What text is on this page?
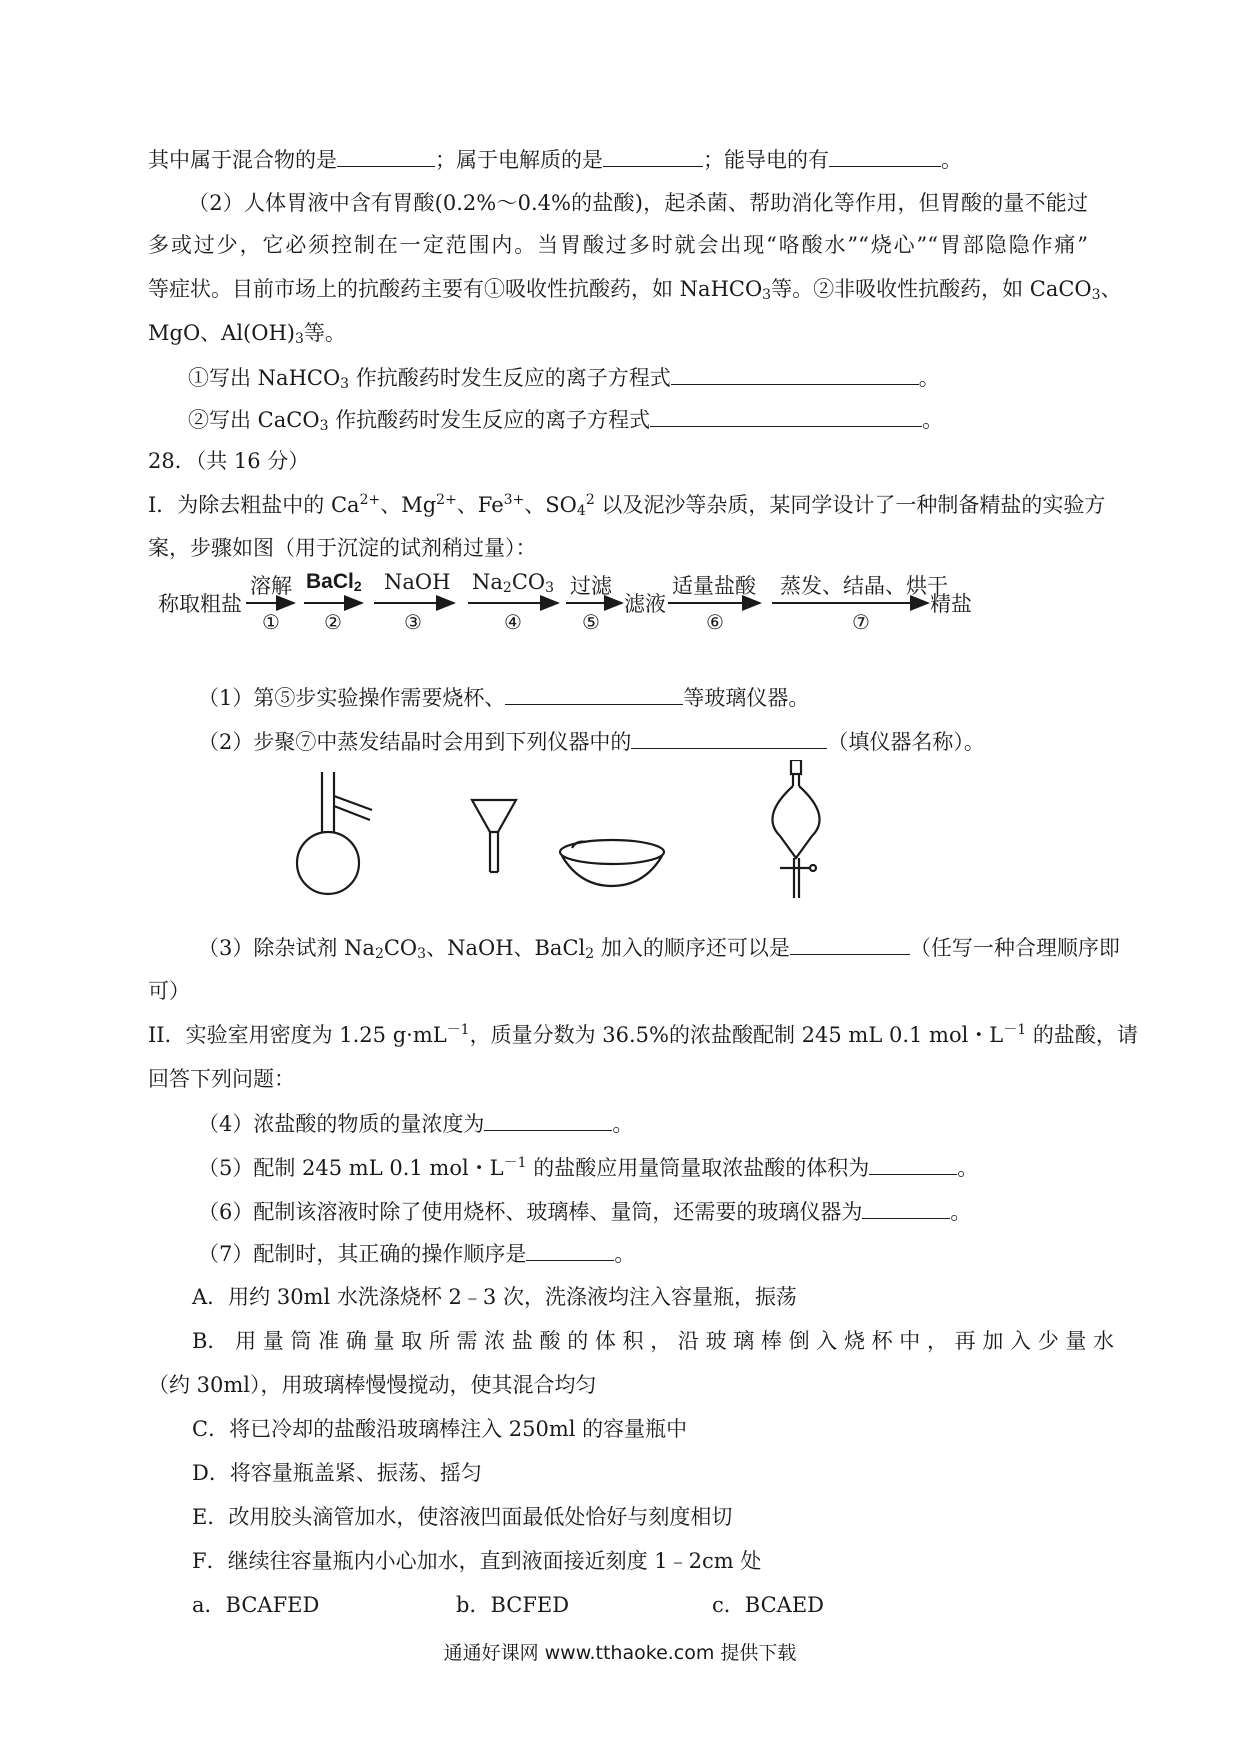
其中属于混合物的是	；属于电解质的是	；能导电的有	。
（2）人体胃液中含有胃酸(0.2%～0.4%的盐酸)，起杀菌、帮助消化等作用，但胃酸的量不能过
多或过少，它必须控制在一定范围内。当胃酸过多时就会出现“咯酸水”“烧心”“胃部隐隐作痛”
等症状。目前市场上的抗酸药主要有①吸收性抗酸药，如 NaHCO$_3$等。②非吸收性抗酸药，如 CaCO$_3$、
MgO、$Al(OH)_3$等。
①写出 NaHCO$_3$ 作抗酸药时发生反应的离子方程式	。
②写出 CaCO$_3$ 作抗酸药时发生反应的离子方程式	。
28．（共 16 分）
I．为除去粗盐中的 $Ca^{2+}$、$Mg^{2+}$、$Fe^{3+}$、$SO_4^2$ 以及泥沙等杂质，某同学设计了一种制备精盐的实验方
案，步骤如图（用于沉淀的试剂稍过量）：
称取粗盐
溶解
①
BaCl$_2$
②
NaOH
③
$Na_2CO_3$
④
过滤
⑤
滤液
适量盐酸
⑥
蒸发、结晶、烘干
⑦
精盐
（1）第⑤步实验操作需要烧杯、	等玻璃仪器。
（2）步聚⑦中蒸发结晶时会用到下列仪器中的	（填仪器名称）。
（3）除杂试剂 $Na_2CO_3$、NaOH、BaCl$_2$ 加入的顺序还可以是	（任写一种合理顺序即
可）
II．实验室用密度为 1.25 $g\cdot mL^{-1}$，质量分数为 36.5%的浓盐酸配制 245 mL 0.1 mol・$L^{-1}$ 的盐酸，请
回答下列问题：
（4）浓盐酸的物质的量浓度为	。
（5）配制 245 mL 0.1 mol・$L^{-1}$ 的盐酸应用量筒量取浓盐酸的体积为	。
（6）配制该溶液时除了使用烧杯、玻璃棒、量筒，还需要的玻璃仪器为	。
（7）配制时，其正确的操作顺序是	。
A．用约 30ml 水洗涤烧杯 2﹣3 次，洗涤液均注入容量瓶，振荡
B． 用 量 筒 准 确 量 取 所 需 浓 盐 酸 的 体 积 ， 沿 玻 璃 棒 倒 入 烧 杯 中 ， 再 加 入 少 量 水
（约 30ml），用玻璃棒慢慢搅动，使其混合均匀
C．将已冷却的盐酸沿玻璃棒注入 250ml 的容量瓶中
D．将容量瓶盖紧、振荡、摇匀
E．改用胶头滴管加水，使溶液凹面最低处恰好与刻度相切
F．继续往容量瓶内小心加水，直到液面接近刻度 1﹣2cm 处
a．BCAFED	b．BCFED	c．BCAED
通通好课网 www.tthaoke.com 提供下载
